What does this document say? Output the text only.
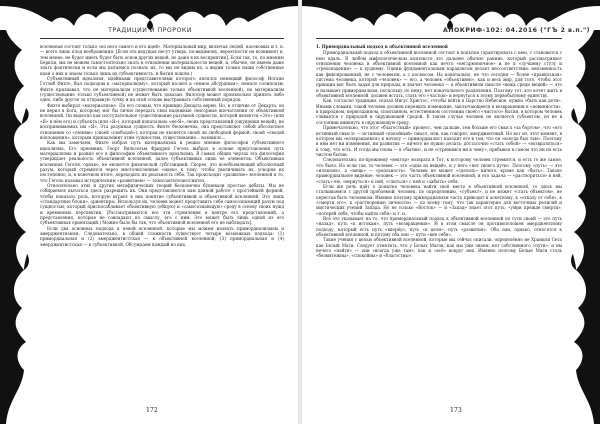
ТРАДИЦИИ И ПРОРОКИ

вселенная состоит только «из него самого и его идей». Материальный мир, включая людей, насекомых и т. п. — всего лишь плод воображения. [Если эта ведущая несут утверь, по-видимому, вероятности не возникнет и, тем менее, не будет иметь будет быть основ других вещей, не даже в их восприятии]. Если так, то, по мнению Беркли, мы не можем самостоятельно знать в отношении материальности вещей, и, обычно, не имеем даже знать фактически и если мы пытаемся познать их, то мы не видим их, а видим только наши собственные идеи о них и знаем только лишь их субъективность, и бытия пошли.)

Субъективный идеализм, идейными представителями которого являлся немецкий философ Иоганн Готлиб Фихте, был подходом к «материализму», который на-шел в «немое абсурдным», немало солипсизм. Фихте признавал, что не материализм (существование только объективной вселенной), не материализм (существование только субъективной) не может быть доказан. Философ может произвольно принять либо одно, либо другое за отправную точку и на этой основе выстраивать собственный порядок.

Фихте выбирал «материализм». По его словам, что принцип Декарта верен. Но, в отличие от Декарта, он не верил в Бога, которому мог бы лично передать свои надежные сенсорные впечатления от объективной вселенной. Он выделял как поступательное существование разумной сущности, которой является «Эго» (или «Я» в нём его) и субъекта (или «Я»), который изначально «не-Я», своих представлений (ощущения вещей), не воспринимаемых им «Я». Эта разумная сущность Фихте бесконечна, она представляет себой абсолютное отношение со «своими» (своей «свободой»), которая не является своей ли свободной формой, своей «сводой воплощения», которым принадлежит этим сущностям, существование... возникло...

Как мы замечаем, Фихте избрал путь материализма и решил мнение философов субъективного идеализма. Его преемник, Георг Вильгельм Фридрих Гегель выбрал в основе представления путь материализма и развил его в философию объективного идеализма. В самых общих чертах эта философия утверждает реальность объективной вселенной, далее субъективных лишь её элементов. Объективная вселенная Гегеля, однако, не является физической субстанцией. Скорее, это всеобъемлющий абсолютный разум, который стремится через многочисленные «идеи» к тому, чтобы увеличивать их, ускоряя их постепенно, и, в конечном итоге, переходить их реальность себе. Так происходит «развитие» вселенной и то, что Гегель называл историческим «развитием» — тезис/антитезис/синтез.

Относительно этих и других метафизических теорий бесконечно бушевали простые дебаты. Мы не собираемся пытаться здесь разрешить их. Они представляются нам данной работе с простейшей формой, чтобы показать роль, которую играет в них понятие субъективной и объективной вселенной. Это лишь «стандартные блоки», ориентиры. Используя их, человек может представить себе самосознающий разум под сущностью, который приспосабливает объективную (общую) и «самосознающую» среду в основу своих нужд и временных перспектив, [Рассматриваются все эти стремления в центре его представлений, а представления, которые не совпадают по смыслу, его с ним. Это может быть лишь одной из его субъективных ориентаций.) Можно было бы так, что объективной вселенной его не наблюдать].

Если два основных подхода к новой вселенной, которые мы можем назвать примордиализмом и эмерджентизмом. Следовательно, в общей сложности существует четыре возможных подхода: (1) примордиальная и (2) эмерджентистская — к объективной вселенной; (3) примордиальная и (4) эмерджентистская — к субъективной. Обсуждаем каждый из них.

172
АПОКРИФ-102: 04.2016 ("ГЪ 2 в.п.")

1. Примордиальный подход к объективной вселенной

Примордиальный подход к объективной вселенной состоит в попытке гарантировать с нею, с становится с нею вдаль. В любом мифологическом контексте это дальнее обычно ранние, который рассматривает отношения человека и объективной вселенной как нечто «негармоничное» и не к «лучшему стулу и «грехопадении» — к худшему. Одним фундаментальным парадоксом делает нессоответствие: неизменность как фиксированный, не с человеком, а с космосом. На изначально, не что сегодня — более «правильная» система человека, которой «человек» — его, а человек «объективен», как и весь мир, для того, чтобы этот принцип мог быть задан для природы, и значит человека — в объективном смысле «вещь среди вещей» — это и называет примордиализм, поскольку по нему, нет изначального разделения. Поэтому тот, кто хочет жить в объективной вселенной, должен встать, стать его «частью» и вернуться к этому первобытному единству.

Как, согласно традиции, сказал Иисус Христос, «чтобы войти в Царство Небесное, нужно «быть как дети». Иными словами, такой человек должен пережить изменение, заключающееся в возвращении к «невинности», в природном, первозданном, спонтанном, естественном состоянии своего «чистого» бытия, в котором человек сливается с природой и окружающей средой. В таком случае человек не является субъектом, он не в состоянии вникнуть в окружающую среду.

Примечательно, что этот «благостный» процесс, чем дальше, тем больше его смысл «за бортом», что «его истинный смысл» — истинный «покойный» смысл, или, как говорят, эмерджентный. Но вот он, этот момент, в котором мы «возвращаемся» к началу — примордиалист находит его в том, что он «всегда был там». Поэтому в нём нет ни изменения, ни развития — ничего не нужно делать; достаточно «стать собой» — «возвратиться» к тому, что есть. И тогда мы снова — в «бытии», и не «стремимся ни к чему», пребывая в самом что ни на есть чистом бытии.

Следовательно, по-прежнему «вектор» возврата в Тот, к которому человек стремится, и есть то же самое, что было. Но если так, то человек — это «одна из вещей», и у него «нет своего пути». Поэтому «путь» — это «иллюзия», а «вещь» — «реальность». Человек не может «сделать» ничего, кроме как «быть». Таково примордиальное видение: человек — это часть объективной вселенной, и его задача — «раствориться» в ней, «стать» ею, «вернуться» к ней, «слиться» с ней и «забыть» себя.

Если же речь идёт о попытке человека найти своё место в объективной вселенной, то здесь мы сталкиваемся с другой проблемой: человек, по определению, «субъект», и не может «стать объектом», не перестав быть человеком. Именно поэтому примордиализм часто приводит к аскетизму, к «отказу от себя», к «смерти эго», к «растворению личности» — ко всему тому, что так характерно для восточных религий и мистических учений Запада. Но не только «Восток» — и «Запад» знает этот путь: «умри прежде смерти», «потеряй себя, чтобы найти себя» и т. п.

Всё это указывает на то, что примордиальный подход к объективной вселенной по сути своей — это путь «назад», путь «к истокам», путь «возвращения». И в этом смысле он противоположен эмерджентному подходу, который есть путь «вперёд», путь «к цели», путь «развития». Оба они, однако, относятся к объективной вселенной, и потому оба они — пути «вне себя».

Такие учения с целью объективной вселенной, которые мы сейчас описали, определённо не Хранили Сета как Белый Маги. Следует отметить, что у Белых Магов, как мы уже знаем, нет собственного «пути», и им нечего «найти» — они «всегда уже там», как и «всё» вокруг них. Именно поэтому Белые Маги столь «безмятежны», «спокойны» и «благостны».

173
